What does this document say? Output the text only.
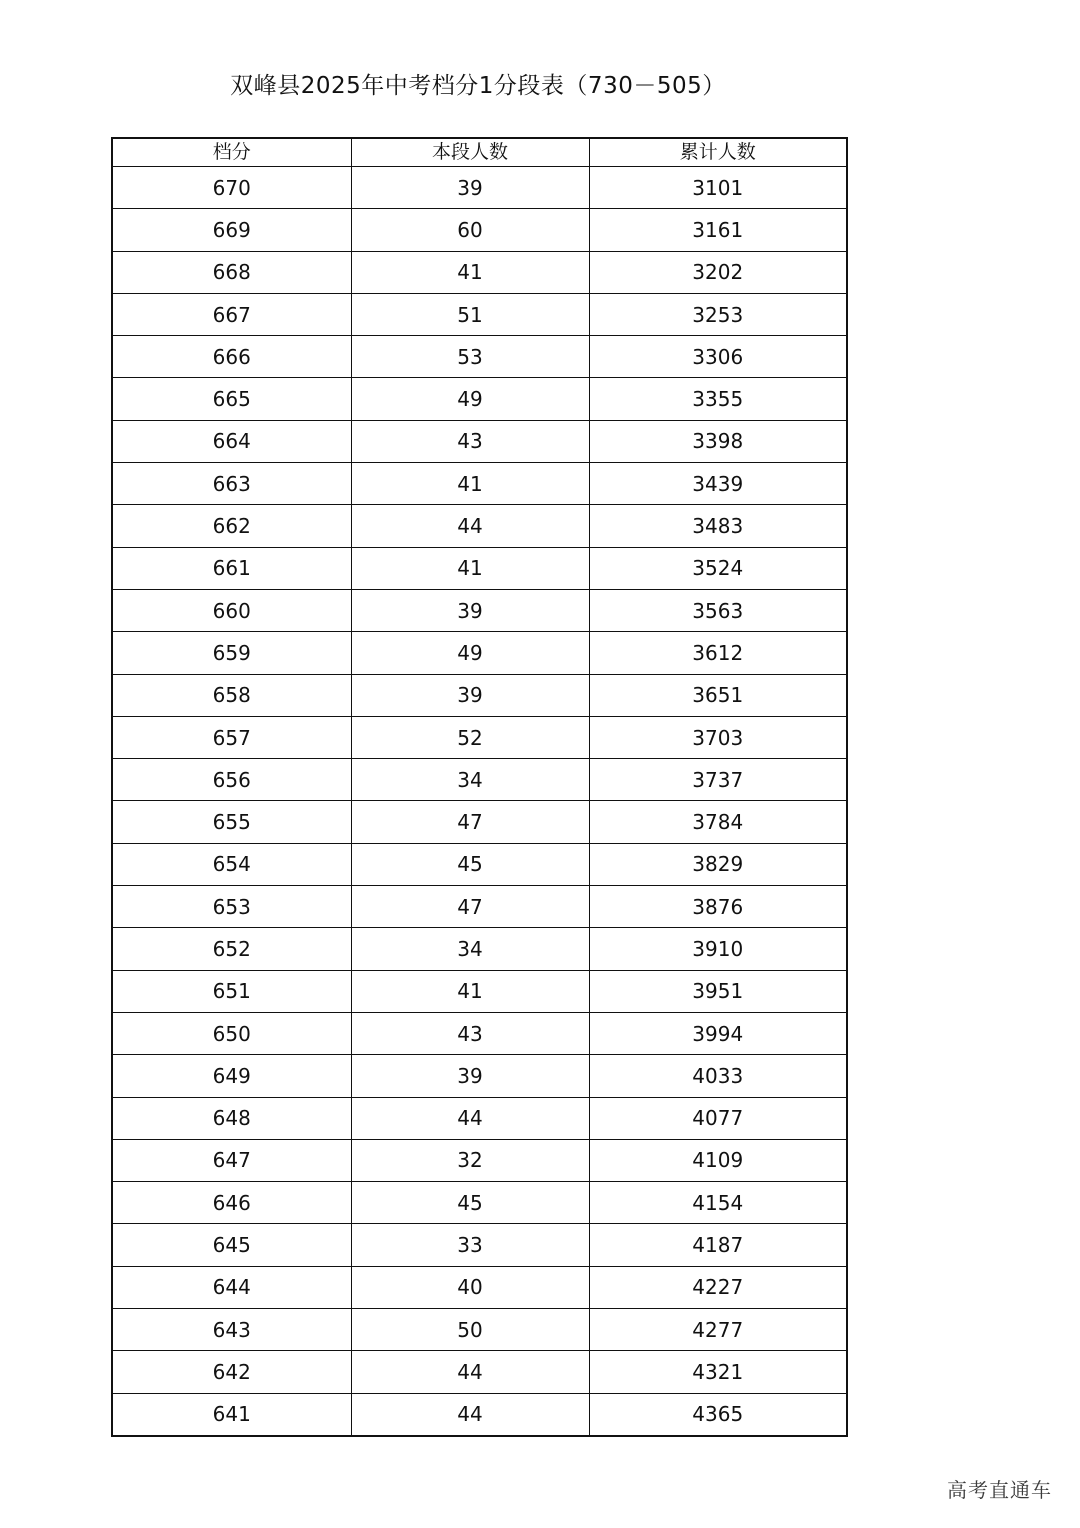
双峰县2025年中考档分1分段表（730－505）
档分	本段人数	累计人数
670	39	3101
669	60	3161
668	41	3202
667	51	3253
666	53	3306
665	49	3355
664	43	3398
663	41	3439
662	44	3483
661	41	3524
660	39	3563
659	49	3612
658	39	3651
657	52	3703
656	34	3737
655	47	3784
654	45	3829
653	47	3876
652	34	3910
651	41	3951
650	43	3994
649	39	4033
648	44	4077
647	32	4109
646	45	4154
645	33	4187
644	40	4227
643	50	4277
642	44	4321
641	44	4365
高考直通车
